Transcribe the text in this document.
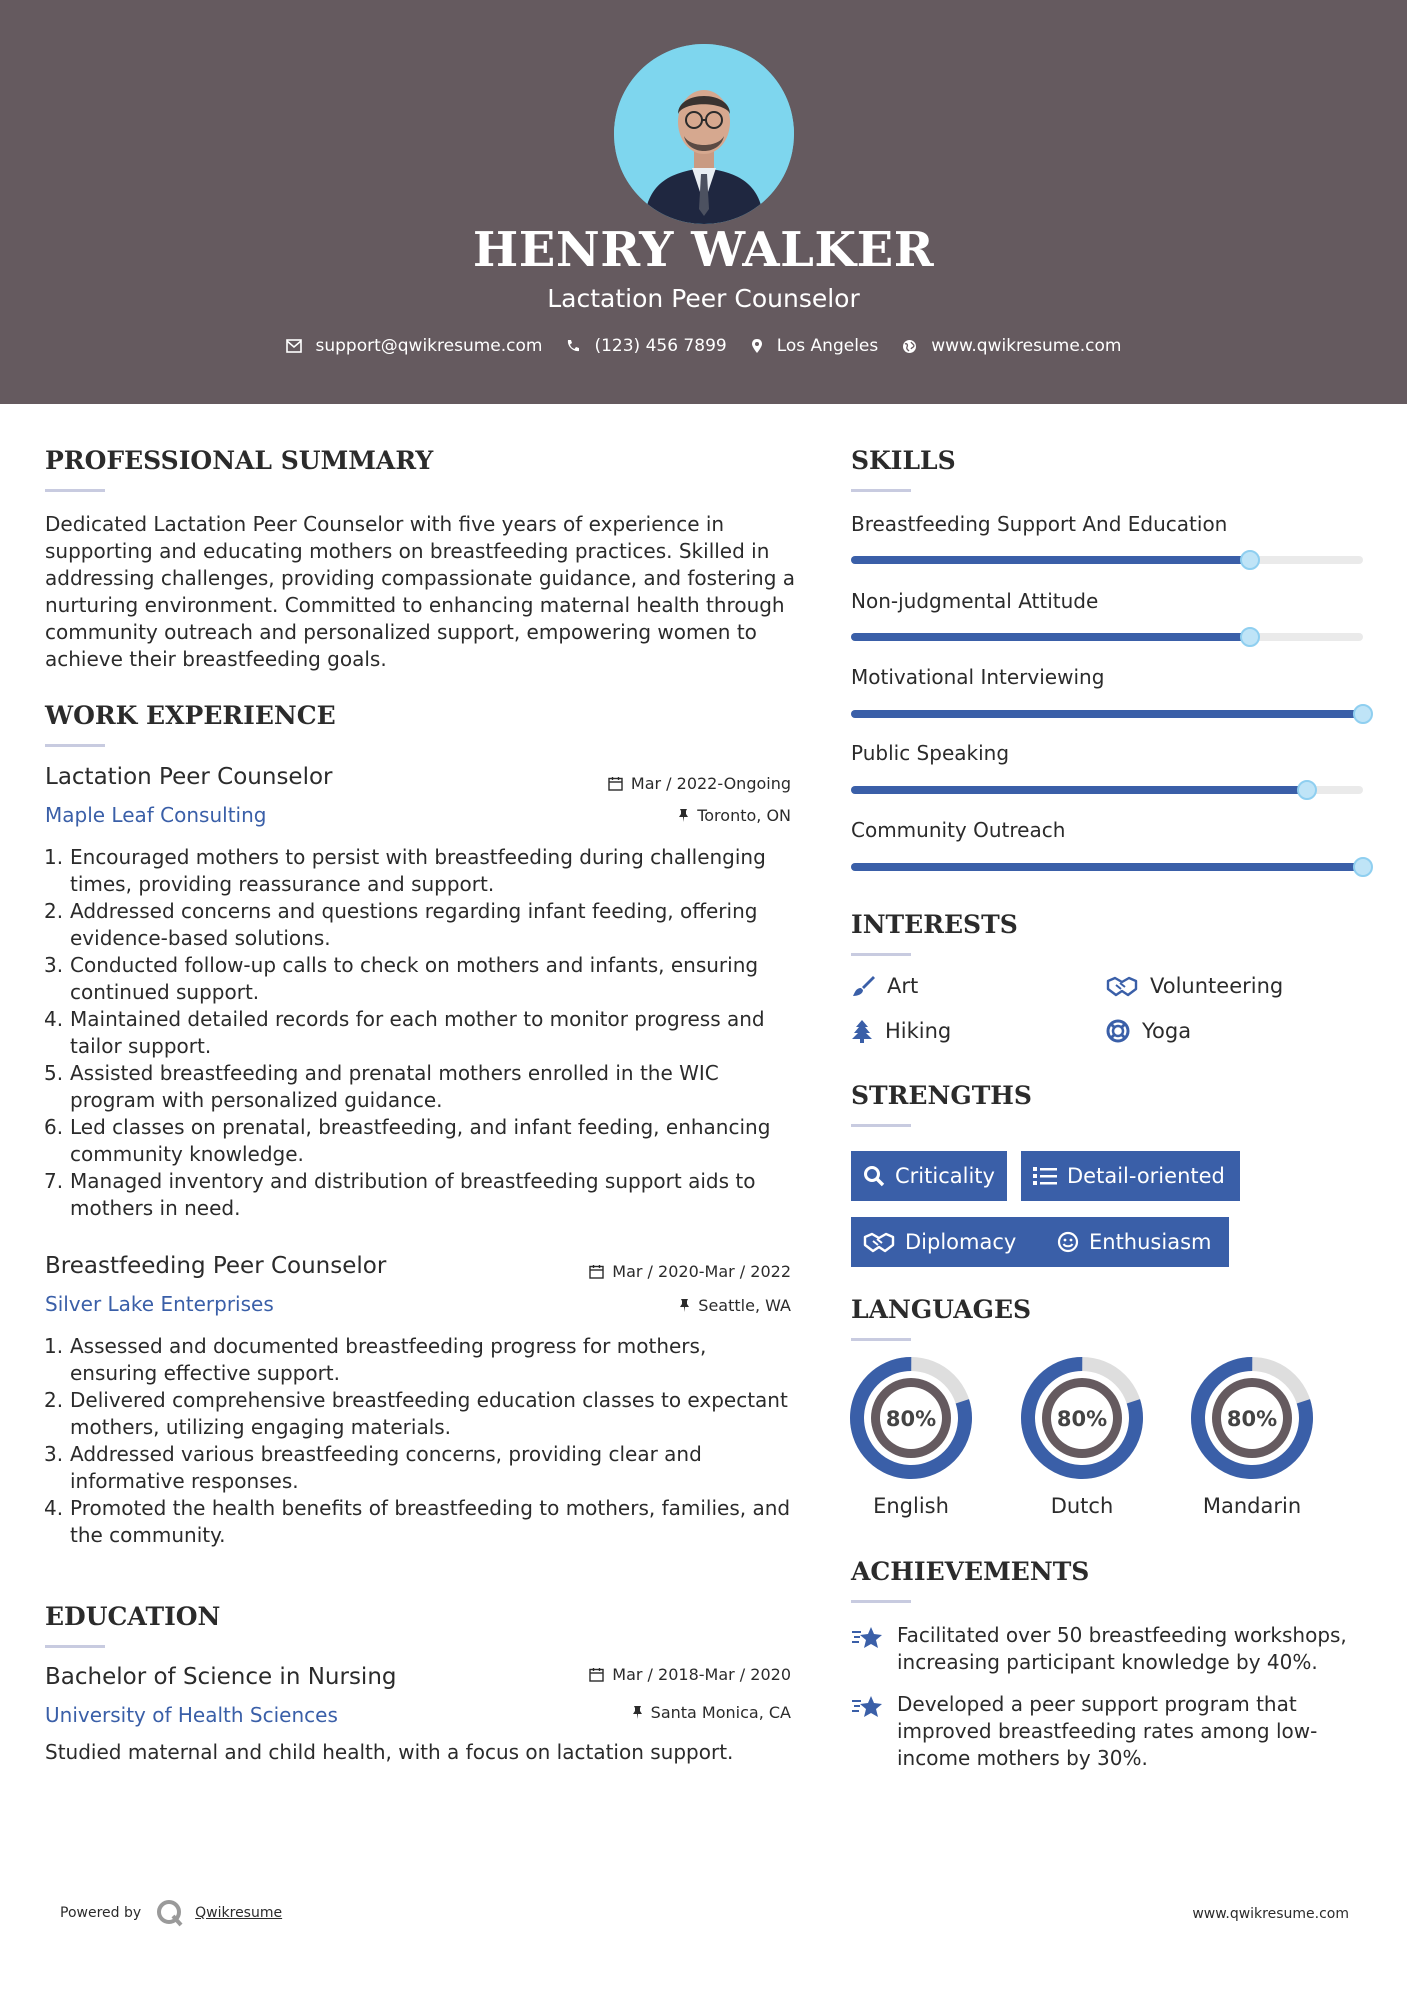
HENRY WALKER
Lactation Peer Counselor
support@qwikresume.com	(123) 456 7899	Los Angeles	www.qwikresume.com
PROFESSIONAL SUMMARY
Dedicated Lactation Peer Counselor with five years of experience in supporting and educating mothers on breastfeeding practices. Skilled in addressing challenges, providing compassionate guidance, and fostering a nurturing environment. Committed to enhancing maternal health through community outreach and personalized support, empowering women to achieve their breastfeeding goals.
WORK EXPERIENCE
Lactation Peer Counselor	Mar / 2022-Ongoing
Maple Leaf Consulting	Toronto, ON
1. Encouraged mothers to persist with breastfeeding during challenging times, providing reassurance and support.
2. Addressed concerns and questions regarding infant feeding, offering evidence-based solutions.
3. Conducted follow-up calls to check on mothers and infants, ensuring continued support.
4. Maintained detailed records for each mother to monitor progress and tailor support.
5. Assisted breastfeeding and prenatal mothers enrolled in the WIC program with personalized guidance.
6. Led classes on prenatal, breastfeeding, and infant feeding, enhancing community knowledge.
7. Managed inventory and distribution of breastfeeding support aids to mothers in need.
Breastfeeding Peer Counselor	Mar / 2020-Mar / 2022
Silver Lake Enterprises	Seattle, WA
1. Assessed and documented breastfeeding progress for mothers, ensuring effective support.
2. Delivered comprehensive breastfeeding education classes to expectant mothers, utilizing engaging materials.
3. Addressed various breastfeeding concerns, providing clear and informative responses.
4. Promoted the health benefits of breastfeeding to mothers, families, and the community.
EDUCATION
Bachelor of Science in Nursing	Mar / 2018-Mar / 2020
University of Health Sciences	Santa Monica, CA
Studied maternal and child health, with a focus on lactation support.
SKILLS
Breastfeeding Support And Education
Non-judgmental Attitude
Motivational Interviewing
Public Speaking
Community Outreach
INTERESTS
Art	Volunteering
Hiking	Yoga
STRENGTHS
Criticality	Detail-oriented
Diplomacy	Enthusiasm
LANGUAGES
80%
English
80%
Dutch
80%
Mandarin
ACHIEVEMENTS
Facilitated over 50 breastfeeding workshops, increasing participant knowledge by 40%.
Developed a peer support program that improved breastfeeding rates among low-income mothers by 30%.
Powered by	Qwikresume	www.qwikresume.com
